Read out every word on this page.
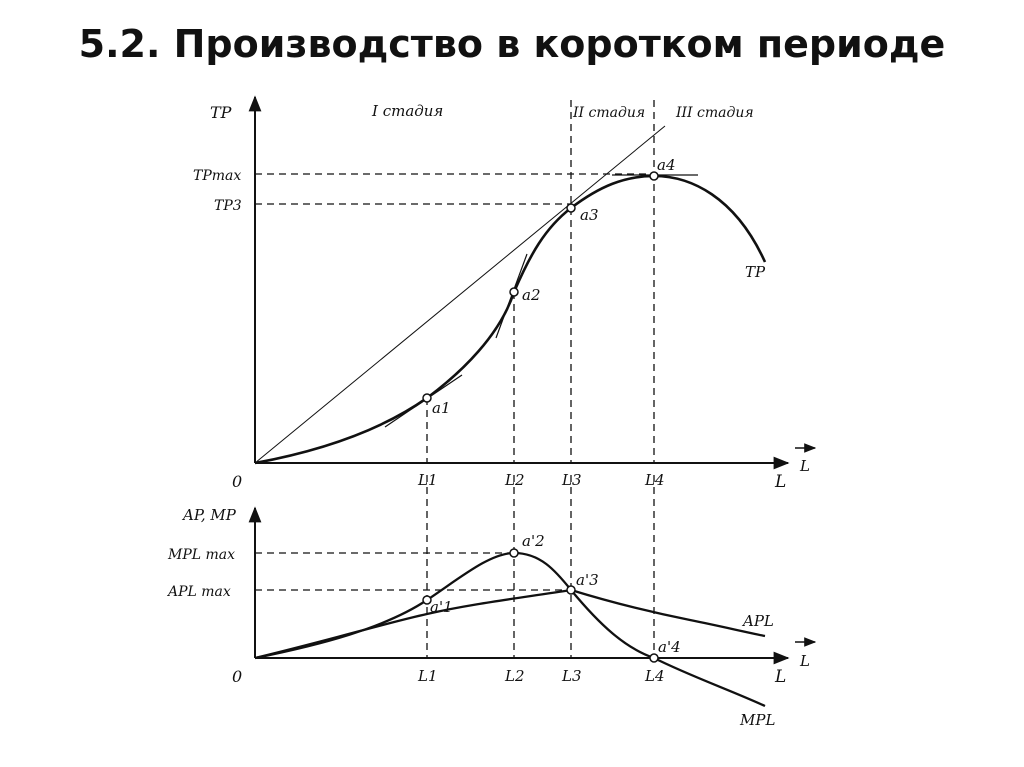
5.2. Производство в коротком периоде
TP
L
L
0
I стадия	II стадия III стадия
TPmax
TP3
L1	L2 L3	L4
a1
a2
a3
a4
TP
AP, MP
L
L
0
MPL max
APL max
L1	L2 L3	L4
a'1
a'2
a'3
a'4
APL
MPL
